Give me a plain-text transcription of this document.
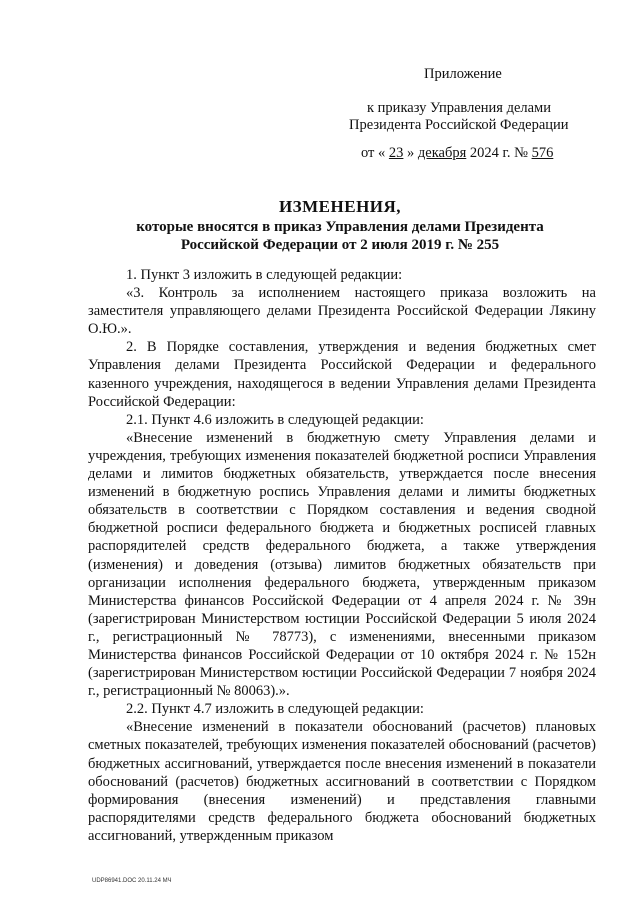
Приложение
к приказу Управления делами
Президента Российской Федерации
от « 23 » декабря 2024 г. № 576
ИЗМЕНЕНИЯ,
которые вносятся в приказ Управления делами Президента
Российской Федерации от 2 июля 2019 г. № 255

1. Пункт 3 изложить в следующей редакции:

«3. Контроль за исполнением настоящего приказа возложить на заместителя управляющего делами Президента Российской Федерации Лякину О.Ю.».

2. В Порядке составления, утверждения и ведения бюджетных смет Управления делами Президента Российской Федерации и федерального казенного учреждения, находящегося в ведении Управления делами Президента Российской Федерации:

2.1. Пункт 4.6 изложить в следующей редакции:

«Внесение изменений в бюджетную смету Управления делами и учреждения, требующих изменения показателей бюджетной росписи Управления делами и лимитов бюджетных обязательств, утверждается после внесения изменений в бюджетную роспись Управления делами и лимиты бюджетных обязательств в соответствии с Порядком составления и ведения сводной бюджетной росписи федерального бюджета и бюджетных росписей главных распорядителей средств федерального бюджета, а также утверждения (изменения) и доведения (отзыва) лимитов бюджетных обязательств при организации исполнения федерального бюджета, утвержденным приказом Министерства финансов Российской Федерации от 4 апреля 2024 г. № 39н (зарегистрирован Министерством юстиции Российской Федерации 5 июля 2024 г., регистрационный № 78773), с изменениями, внесенными приказом Министерства финансов Российской Федерации от 10 октября 2024 г. № 152н (зарегистрирован Министерством юстиции Российской Федерации 7 ноября 2024 г., регистрационный № 80063).».

2.2. Пункт 4.7 изложить в следующей редакции:

«Внесение изменений в показатели обоснований (расчетов) плановых сметных показателей, требующих изменения показателей обоснований (расчетов) бюджетных ассигнований, утверждается после внесения изменений в показатели обоснований (расчетов) бюджетных ассигнований в соответствии с Порядком формирования (внесения изменений) и представления главными распорядителями средств федерального бюджета обоснований бюджетных ассигнований, утвержденным приказом

UDP86941.DOC 20.11.24 МЧ
